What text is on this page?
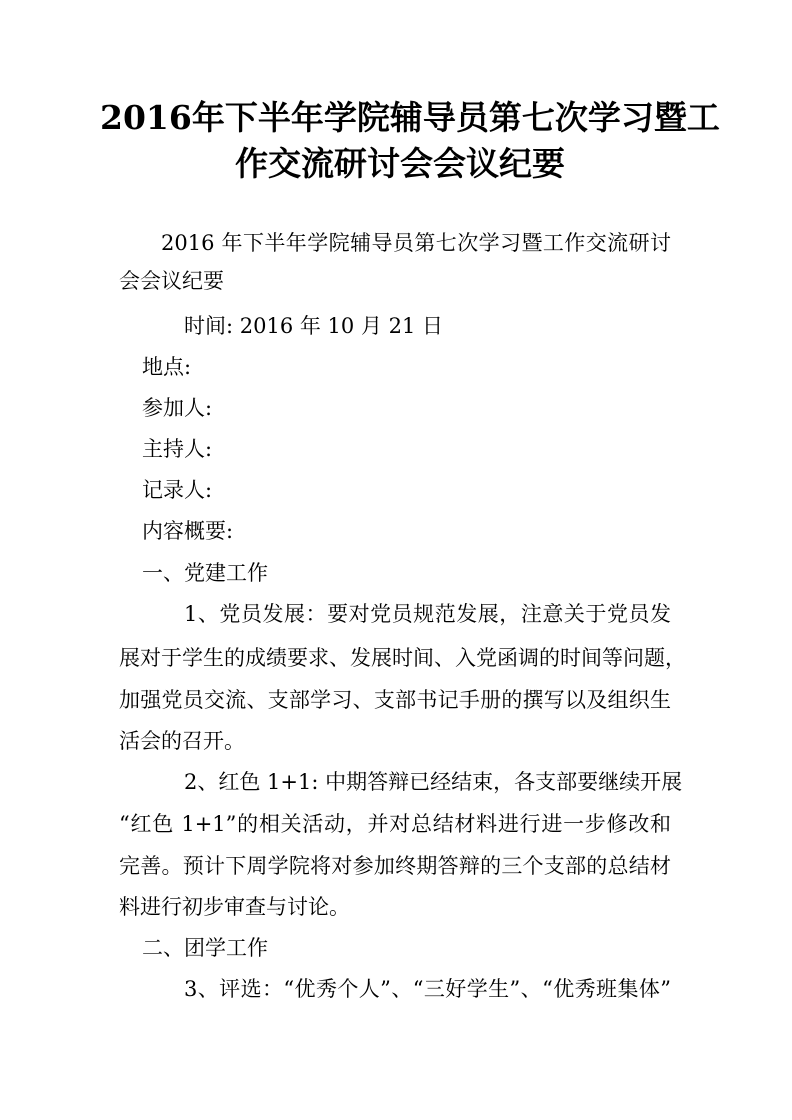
2016年下半年学院辅导员第七次学习暨工
作交流研讨会会议纪要
2016 年下半年学院辅导员第七次学习暨工作交流研讨
会会议纪要
时间: 2016 年 10 月 21 日
地点:
参加人:
主持人:
记录人:
内容概要:
一、党建工作
1、党员发展：要对党员规范发展，注意关于党员发
展对于学生的成绩要求、发展时间、入党函调的时间等问题，
加强党员交流、支部学习、支部书记手册的撰写以及组织生
活会的召开。
2、红色 1+1: 中期答辩已经结束，各支部要继续开展
“红色 1+1”的相关活动，并对总结材料进行进一步修改和
完善。预计下周学院将对参加终期答辩的三个支部的总结材
料进行初步审查与讨论。
二、团学工作
3、评选：“优秀个人”、“三好学生”、“优秀班集体”
